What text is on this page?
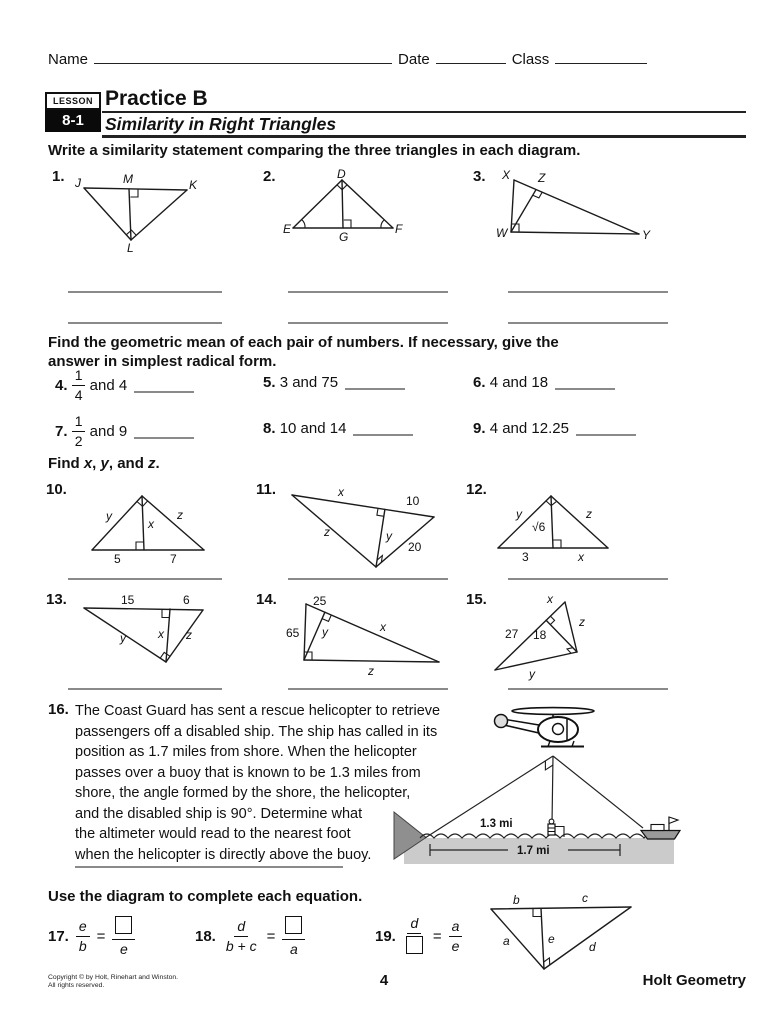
Name	Date	Class
LESSON
8-1
Practice B
Similarity in Right Triangles
Write a similarity statement comparing the three triangles in each diagram.
1. J	M	K
L
2.	D
E	F
G
3. X Z
W	Y
Find the geometric mean of each pair of numbers. If necessary, give the
answer in simplest radical form.
4.
$\frac{1}{4}$
and 4	5.
3 and 75	6.
4 and 18
7.
$\frac{1}{2}$
and 9	8.
10 and 14	9.
4 and 12.25
Find x, y, and z.
10.
y
x
z
5	7
11.	x
10
z	y
20
12.
y
√6
z
3	x
13.	15	6
x
y	z
14.	25
65 y	x
z
15.	x
z
27 18
y
16. The Coast Guard has sent a rescue helicopter to retrieve
passengers off a disabled ship. The ship has called in its
position as 1.7 miles from shore. When the helicopter
passes over a buoy that is known to be 1.3 miles from
shore, the angle formed by the shore, the helicopter,
and the disabled ship is 90°. Determine what
the altimeter would read to the nearest foot
when the helicopter is directly above the buoy.
1.3 mi
1.7 mi
Use the diagram to complete each equation.
17. $\frac{e}{b}$ =
e
18. $\frac{d}{b + c}$ =
a
19.
d
= $\frac{a}{e}$
b	c
a	e
d
Copyright © by Holt, Rinehart and Winston.
All rights reserved.	4	Holt Geometry
